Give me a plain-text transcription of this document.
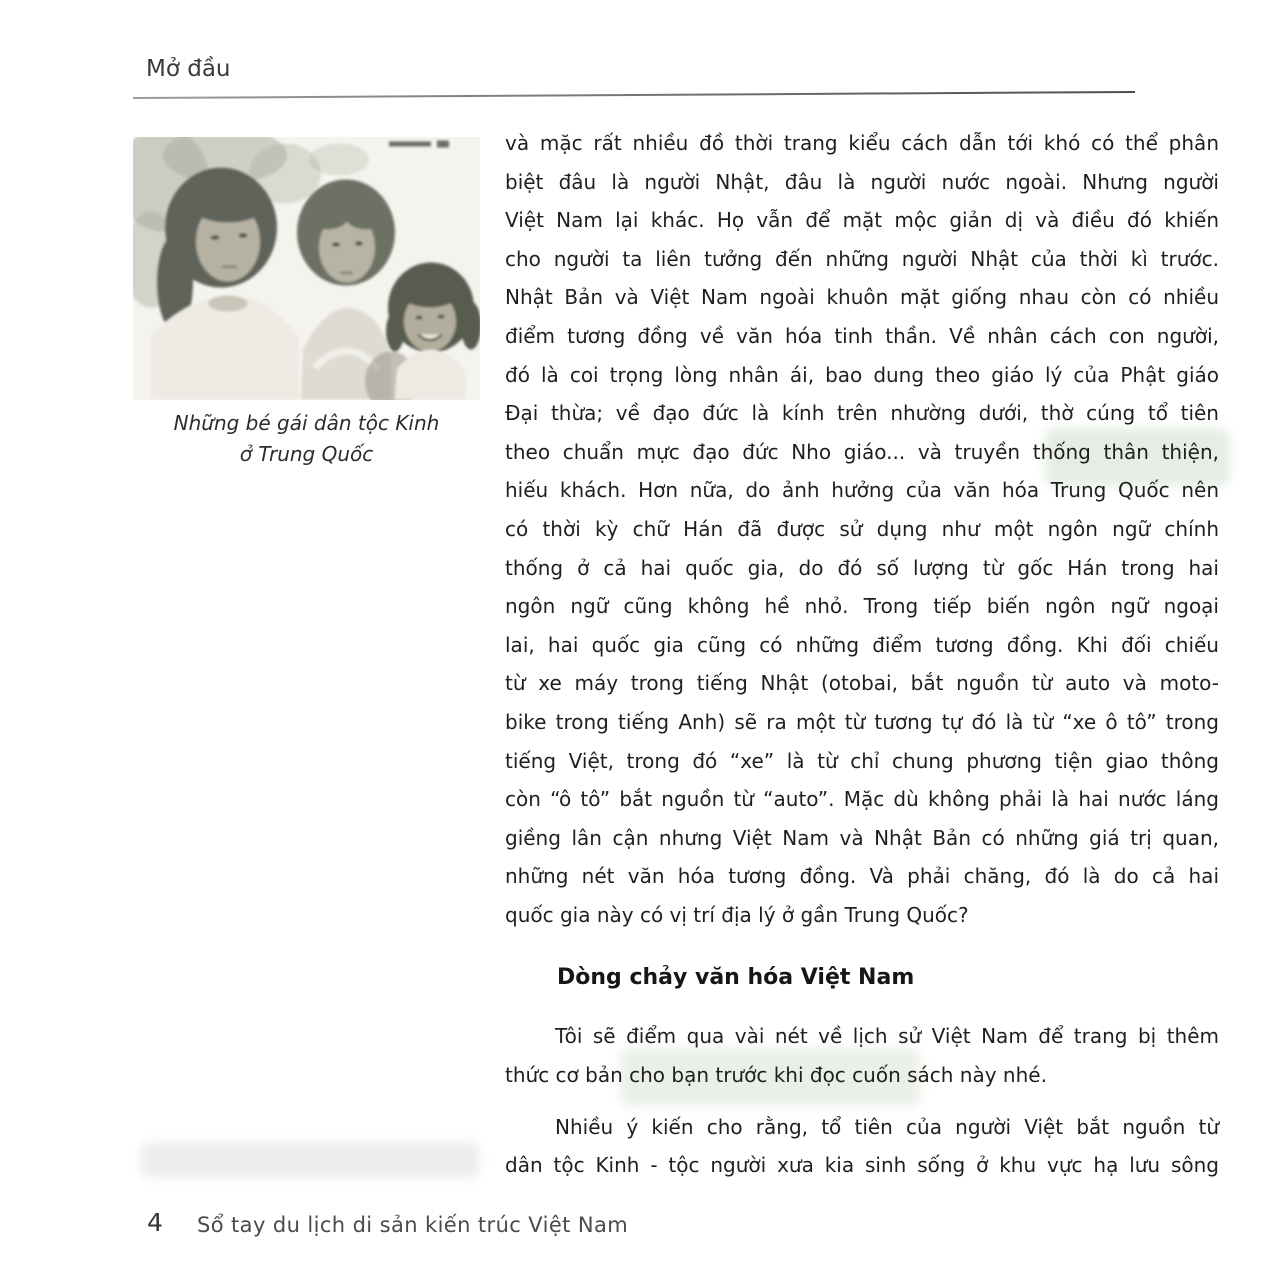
Mở đầu
Những bé gái dân tộc Kinh
ở Trung Quốc
và mặc rất nhiều đồ thời trang kiểu cách dẫn tới khó có thể phân
biệt đâu là người Nhật, đâu là người nước ngoài. Nhưng người
Việt Nam lại khác. Họ vẫn để mặt mộc giản dị và điều đó khiến
cho người ta liên tưởng đến những người Nhật của thời kì trước.
Nhật Bản và Việt Nam ngoài khuôn mặt giống nhau còn có nhiều
điểm tương đồng về văn hóa tinh thần. Về nhân cách con người,
đó là coi trọng lòng nhân ái, bao dung theo giáo lý của Phật giáo
Đại thừa; về đạo đức là kính trên nhường dưới, thờ cúng tổ tiên
theo chuẩn mực đạo đức Nho giáo... và truyền thống thân thiện,
hiếu khách. Hơn nữa, do ảnh hưởng của văn hóa Trung Quốc nên
có thời kỳ chữ Hán đã được sử dụng như một ngôn ngữ chính
thống ở cả hai quốc gia, do đó số lượng từ gốc Hán trong hai
ngôn ngữ cũng không hề nhỏ. Trong tiếp biến ngôn ngữ ngoại
lai, hai quốc gia cũng có những điểm tương đồng. Khi đối chiếu
từ xe máy trong tiếng Nhật (otobai, bắt nguồn từ auto và moto-
bike trong tiếng Anh) sẽ ra một từ tương tự đó là từ “xe ô tô” trong
tiếng Việt, trong đó “xe” là từ chỉ chung phương tiện giao thông
còn “ô tô” bắt nguồn từ “auto”. Mặc dù không phải là hai nước láng
giềng lân cận nhưng Việt Nam và Nhật Bản có những giá trị quan,
những nét văn hóa tương đồng. Và phải chăng, đó là do cả hai
quốc gia này có vị trí địa lý ở gần Trung Quốc?
Dòng chảy văn hóa Việt Nam
Tôi sẽ điểm qua vài nét về lịch sử Việt Nam để trang bị thêm
thức cơ bản cho bạn trước khi đọc cuốn sách này nhé.
Nhiều ý kiến cho rằng, tổ tiên của người Việt bắt nguồn từ
dân tộc Kinh - tộc người xưa kia sinh sống ở khu vực hạ lưu sông
4 Sổ tay du lịch di sản kiến trúc Việt Nam
